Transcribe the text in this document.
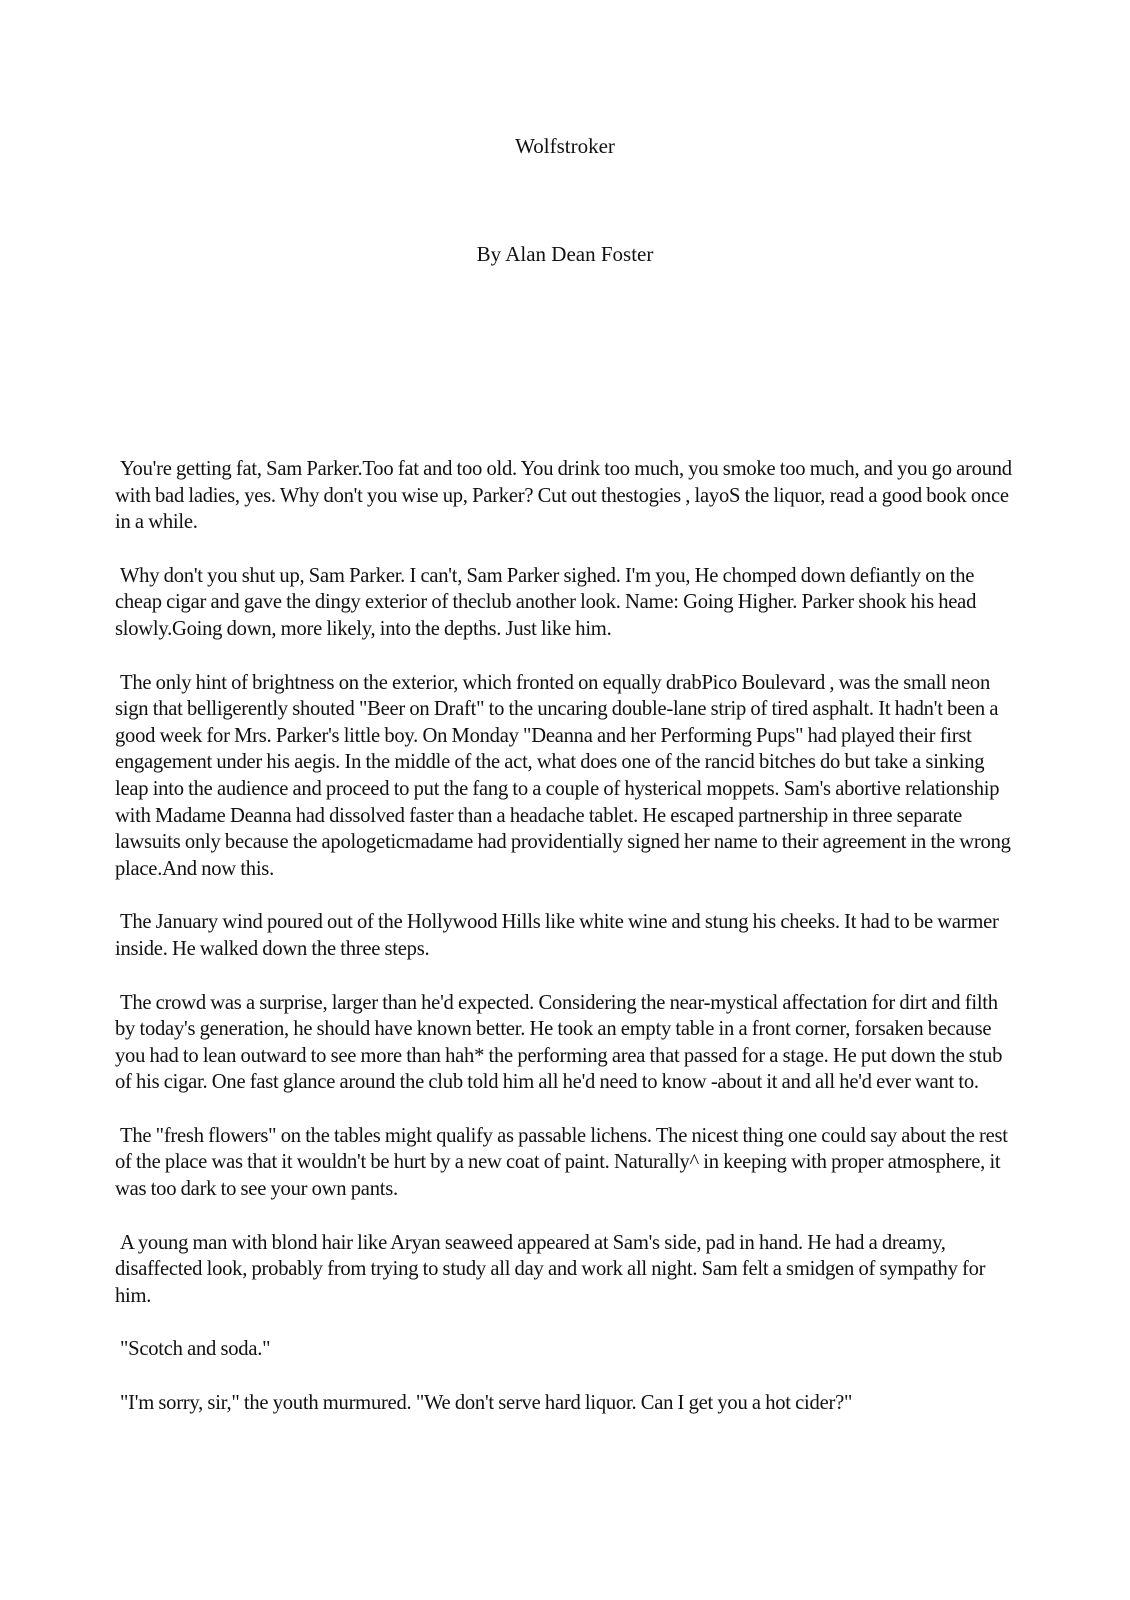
Wolfstroker
By Alan Dean Foster

You're getting fat, Sam Parker.Too fat and too old. You drink too much, you smoke too much, and you go around with bad ladies, yes. Why don't you wise up, Parker? Cut out thestogies , layoS the liquor, read a good book once in a while.

Why don't you shut up, Sam Parker. I can't, Sam Parker sighed. I'm you, He chomped down defiantly on the cheap cigar and gave the dingy exterior of theclub another look. Name: Going Higher. Parker shook his head slowly.Going down, more likely, into the depths. Just like him.

The only hint of brightness on the exterior, which fronted on equally drabPico Boulevard , was the small neon sign that belligerently shouted "Beer on Draft" to the uncaring double-lane strip of tired asphalt. It hadn't been a good week for Mrs. Parker's little boy. On Monday "Deanna and her Performing Pups" had played their first engagement under his aegis. In the middle of the act, what does one of the rancid bitches do but take a sinking leap into the audience and proceed to put the fang to a couple of hysterical moppets. Sam's abortive relationship with Madame Deanna had dissolved faster than a headache tablet. He escaped partnership in three separate lawsuits only because the apologeticmadame had providentially signed her name to their agreement in the wrong place.And now this.

The January wind poured out of the Hollywood Hills like white wine and stung his cheeks. It had to be warmer inside. He walked down the three steps.

The crowd was a surprise, larger than he'd expected. Considering the near-mystical affectation for dirt and filth by today's generation, he should have known better. He took an empty table in a front corner, forsaken because you had to lean outward to see more than hah* the performing area that passed for a stage. He put down the stub of his cigar. One fast glance around the club told him all he'd need to know -about it and all he'd ever want to.

The "fresh flowers" on the tables might qualify as passable lichens. The nicest thing one could say about the rest of the place was that it wouldn't be hurt by a new coat of paint. Naturally^ in keeping with proper atmosphere, it was too dark to see your own pants.

A young man with blond hair like Aryan seaweed appeared at Sam's side, pad in hand. He had a dreamy, disaffected look, probably from trying to study all day and work all night. Sam felt a smidgen of sympathy for him.

"Scotch and soda."

"I'm sorry, sir," the youth murmured. "We don't serve hard liquor. Can I get you a hot cider?"
